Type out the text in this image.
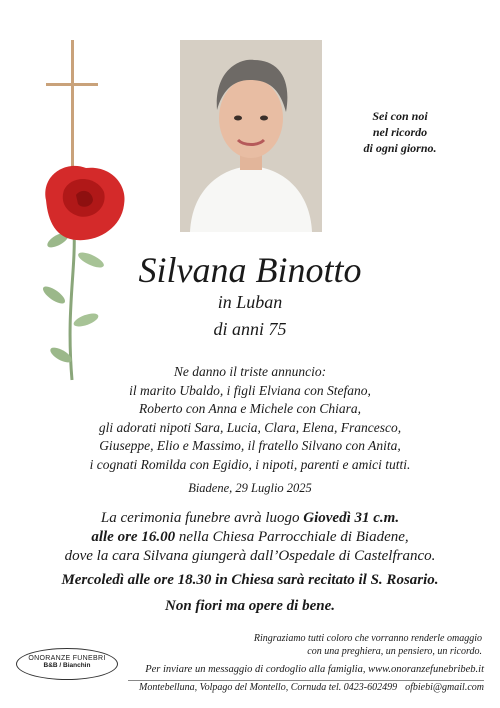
Sei con noi
nel ricordo
di ogni giorno.
Silvana Binotto
in Luban
di anni 75
Ne danno il triste annuncio:
il marito Ubaldo, i figli Elviana con Stefano,
Roberto con Anna e Michele con Chiara,
gli adorati nipoti Sara, Lucia, Clara, Elena, Francesco,
Giuseppe, Elio e Massimo, il fratello Silvano con Anita,
i cognati Romilda con Egidio, i nipoti, parenti e amici tutti.
Biadene, 29 Luglio 2025
La cerimonia funebre avrà luogo Giovedì 31 c.m.
alle ore 16.00 nella Chiesa Parrocchiale di Biadene,
dove la cara Silvana giungerà dall’Ospedale di Castelfranco.
Mercoledì alle ore 18.30 in Chiesa sarà recitato il S. Rosario.
Non fiori ma opere di bene.
Ringraziamo tutti coloro che vorranno renderle omaggio
con una preghiera, un pensiero, un ricordo.
ONORANZE FUNEBRI
B&B / Bianchin	Per inviare un messaggio di cordoglio alla famiglia, www.onoranzefunebribeb.it
Montebelluna, Volpago del Montello, Cornuda tel. 0423-602499 ofbiebi@gmail.com
